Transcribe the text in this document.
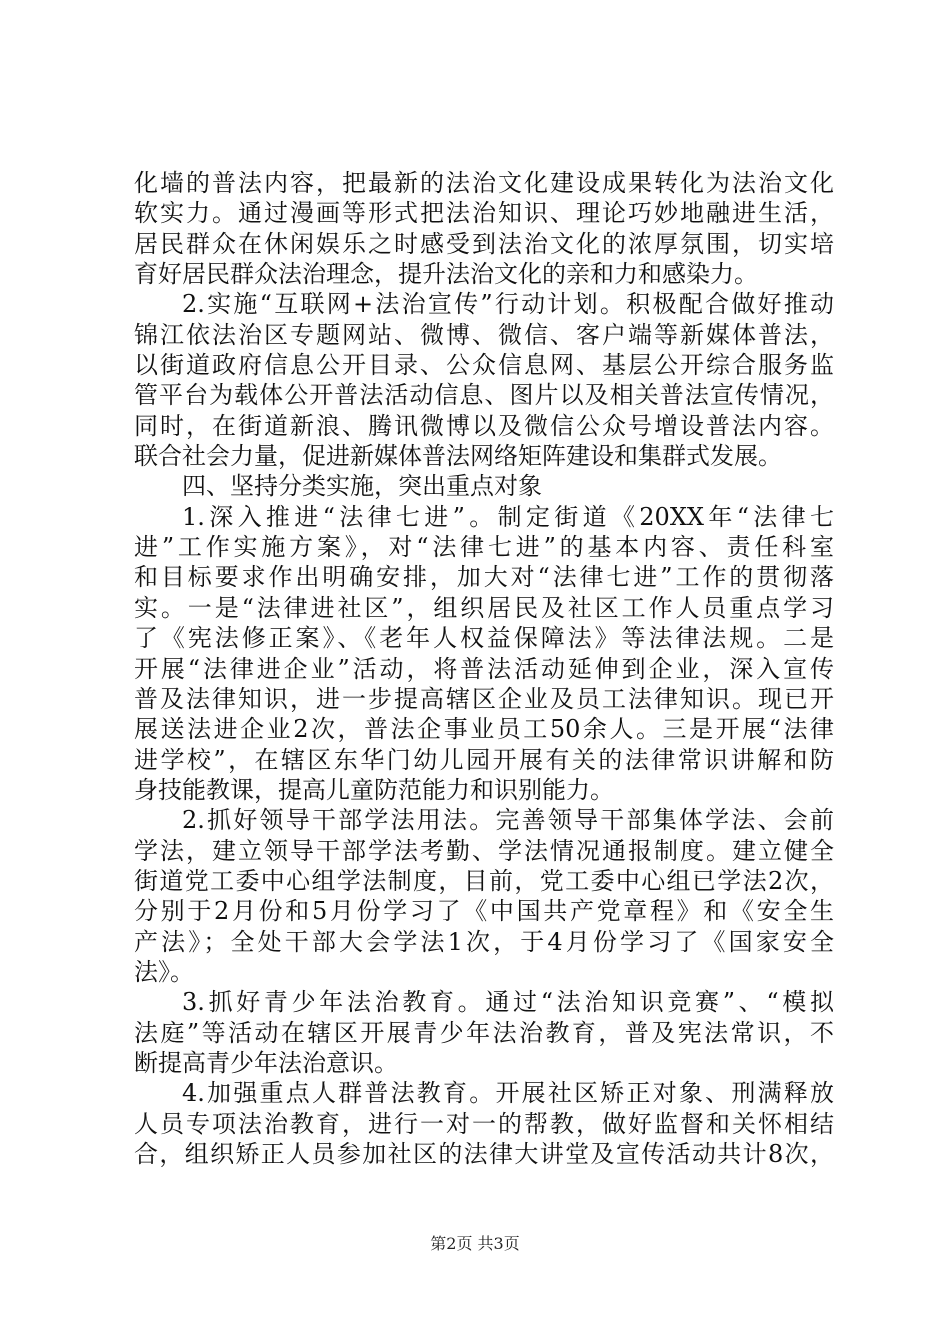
化墙的普法内容，把最新的法治文化建设成果转化为法治文化
软实力。通过漫画等形式把法治知识、理论巧妙地融进生活，
居民群众在休闲娱乐之时感受到法治文化的浓厚氛围，切实培
育好居民群众法治理念，提升法治文化的亲和力和感染力。
2.实施“互联网+法治宣传”行动计划。积极配合做好推动
锦江依法治区专题网站、微博、微信、客户端等新媒体普法，
以街道政府信息公开目录、公众信息网、基层公开综合服务监
管平台为载体公开普法活动信息、图片以及相关普法宣传情况，
同时，在街道新浪、腾讯微博以及微信公众号增设普法内容。
联合社会力量，促进新媒体普法网络矩阵建设和集群式发展。
四、坚持分类实施，突出重点对象
1.深入推进“法律七进”。制定街道《20XX年“法律七
进”工作实施方案》，对“法律七进”的基本内容、责任科室
和目标要求作出明确安排，加大对“法律七进”工作的贯彻落
实。一是“法律进社区”，组织居民及社区工作人员重点学习
了《宪法修正案》、《老年人权益保障法》等法律法规。二是
开展“法律进企业”活动，将普法活动延伸到企业，深入宣传
普及法律知识，进一步提高辖区企业及员工法律知识。现已开
展送法进企业2次，普法企事业员工50余人。三是开展“法律
进学校”，在辖区东华门幼儿园开展有关的法律常识讲解和防
身技能教课，提高儿童防范能力和识别能力。
2.抓好领导干部学法用法。完善领导干部集体学法、会前
学法，建立领导干部学法考勤、学法情况通报制度。建立健全
街道党工委中心组学法制度，目前，党工委中心组已学法2次，
分别于2月份和5月份学习了《中国共产党章程》和《安全生
产法》；全处干部大会学法1次，于4月份学习了《国家安全
法》。
3.抓好青少年法治教育。通过“法治知识竞赛”、“模拟
法庭”等活动在辖区开展青少年法治教育，普及宪法常识，不
断提高青少年法治意识。
4.加强重点人群普法教育。开展社区矫正对象、刑满释放
人员专项法治教育，进行一对一的帮教，做好监督和关怀相结
合，组织矫正人员参加社区的法律大讲堂及宣传活动共计8次，
第2页 共3页
